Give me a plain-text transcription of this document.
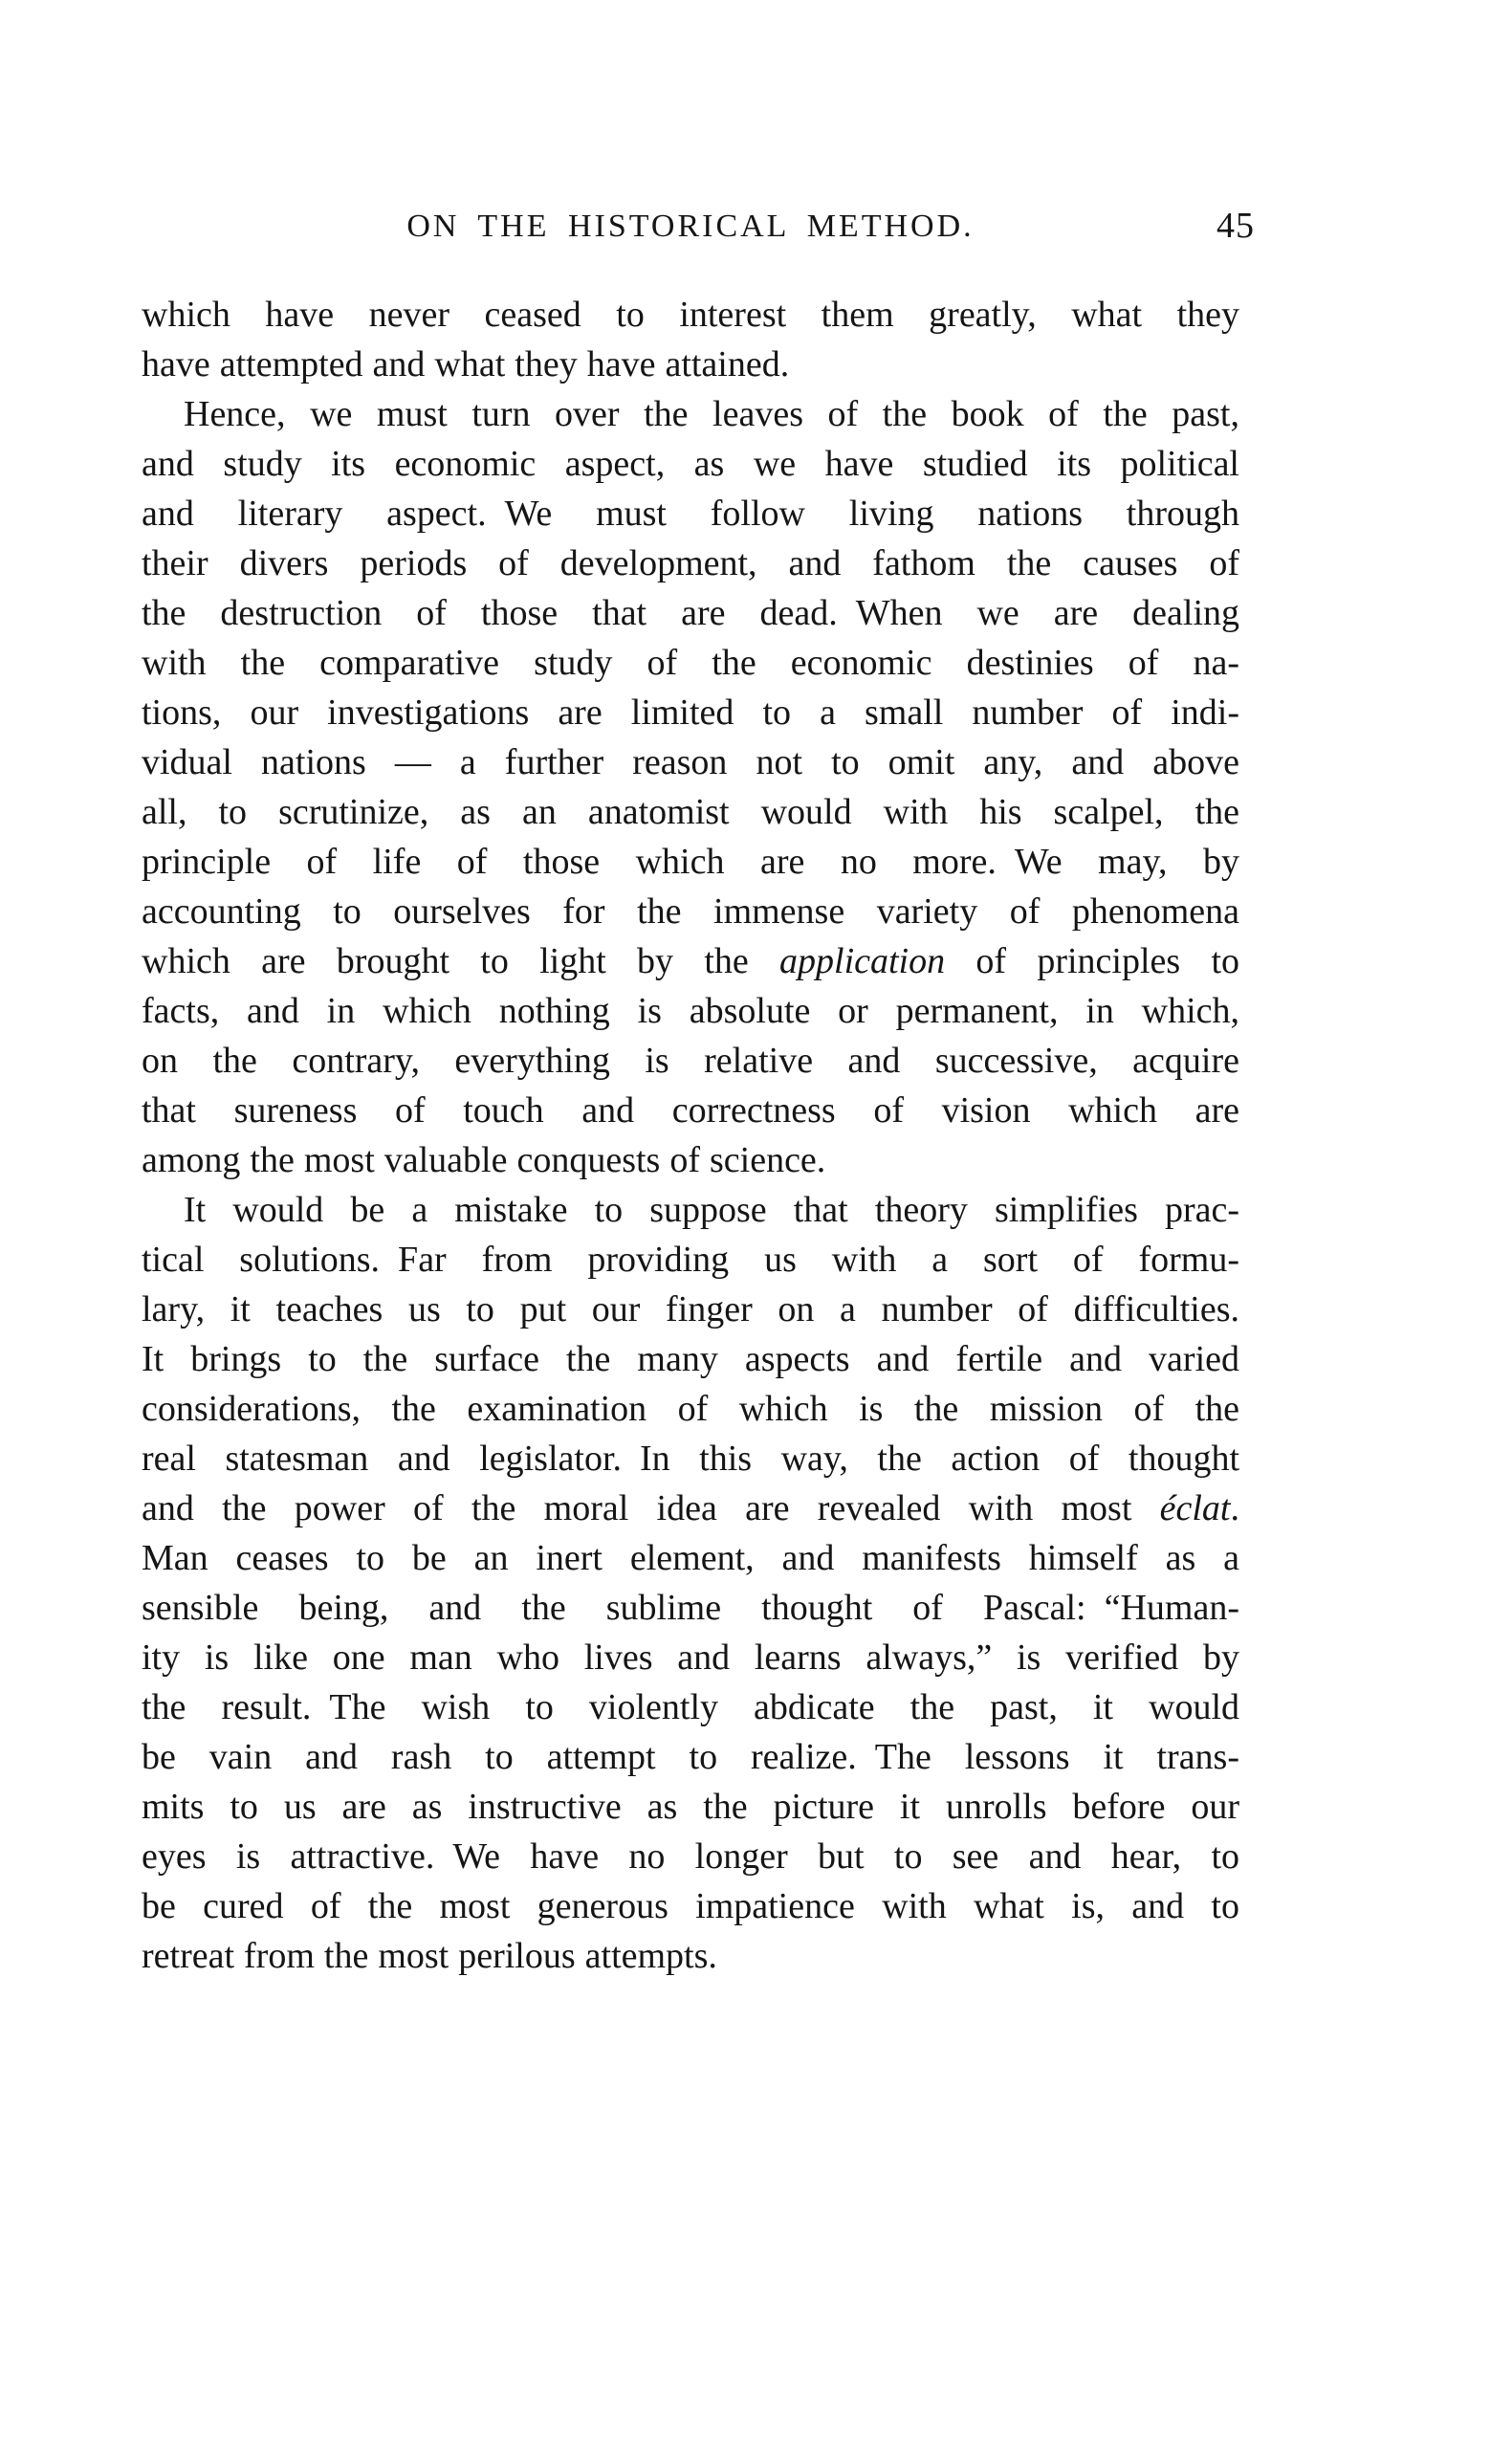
ON THE HISTORICAL METHOD.	45
which have never ceased to interest them greatly, what they
have attempted and what they have attained.
Hence, we must turn over the leaves of the book of the past,
and study its economic aspect, as we have studied its political
and literary aspect. We must follow living nations through
their divers periods of development, and fathom the causes of
the destruction of those that are dead. When we are dealing
with the comparative study of the economic destinies of na-
tions, our investigations are limited to a small number of indi-
vidual nations — a further reason not to omit any, and above
all, to scrutinize, as an anatomist would with his scalpel, the
principle of life of those which are no more. We may, by
accounting to ourselves for the immense variety of phenomena
which are brought to light by the application of principles to
facts, and in which nothing is absolute or permanent, in which,
on the contrary, everything is relative and successive, acquire
that sureness of touch and correctness of vision which are
among the most valuable conquests of science.
It would be a mistake to suppose that theory simplifies prac-
tical solutions. Far from providing us with a sort of formu-
lary, it teaches us to put our finger on a number of difficulties.
It brings to the surface the many aspects and fertile and varied
considerations, the examination of which is the mission of the
real statesman and legislator. In this way, the action of thought
and the power of the moral idea are revealed with most éclat.
Man ceases to be an inert element, and manifests himself as a
sensible being, and the sublime thought of Pascal: “Human-
ity is like one man who lives and learns always,” is verified by
the result. The wish to violently abdicate the past, it would
be vain and rash to attempt to realize. The lessons it trans-
mits to us are as instructive as the picture it unrolls before our
eyes is attractive. We have no longer but to see and hear, to
be cured of the most generous impatience with what is, and to
retreat from the most perilous attempts.
